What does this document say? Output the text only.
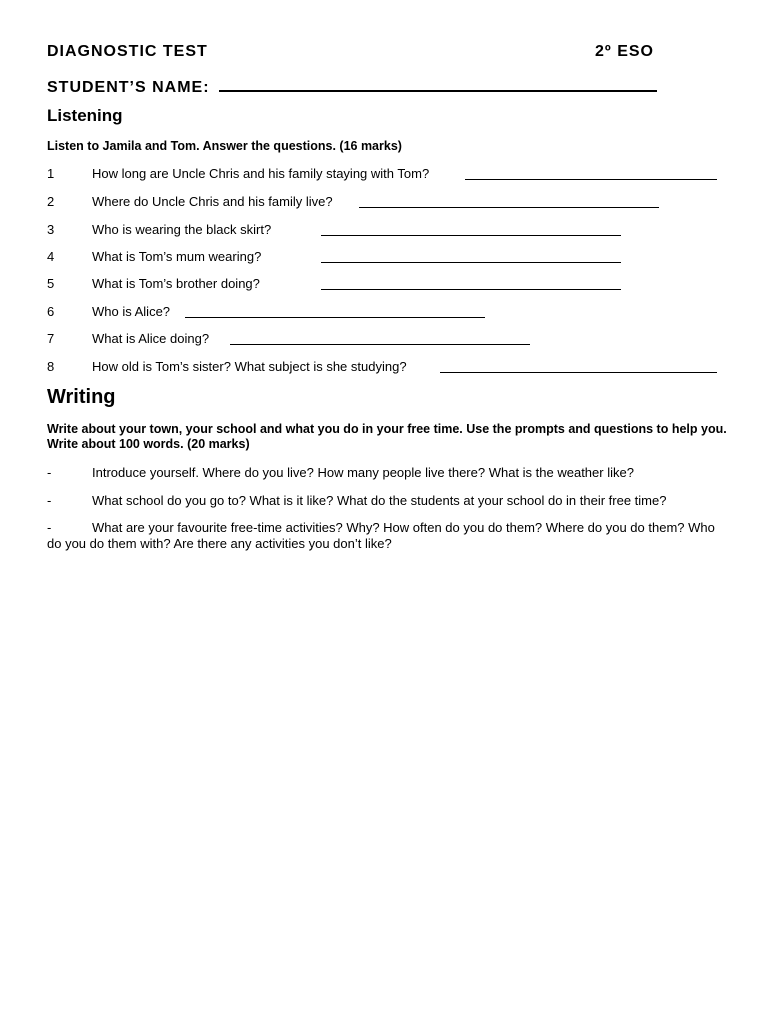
DIAGNOSTIC TEST	2º ESO
STUDENT’S NAME:
Listening
Listen to Jamila and Tom. Answer the questions. (16 marks)
1	How long are Uncle Chris and his family staying with Tom?
2	Where do Uncle Chris and his family live?
3	Who is wearing the black skirt?
4	What is Tom’s mum wearing?
5	What is Tom’s brother doing?
6	Who is Alice?
7	What is Alice doing?
8	How old is Tom’s sister? What subject is she studying?
Writing
Write about your town, your school and what you do in your free time. Use the prompts and questions to help you. Write about 100 words. (20 marks)
-	Introduce yourself. Where do you live? How many people live there? What is the weather like?
-	What school do you go to? What is it like? What do the students at your school do in their free time?
-	What are your favourite free-time activities? Why? How often do you do them? Where do you do them? Who do you do them with? Are there any activities you don’t like?
